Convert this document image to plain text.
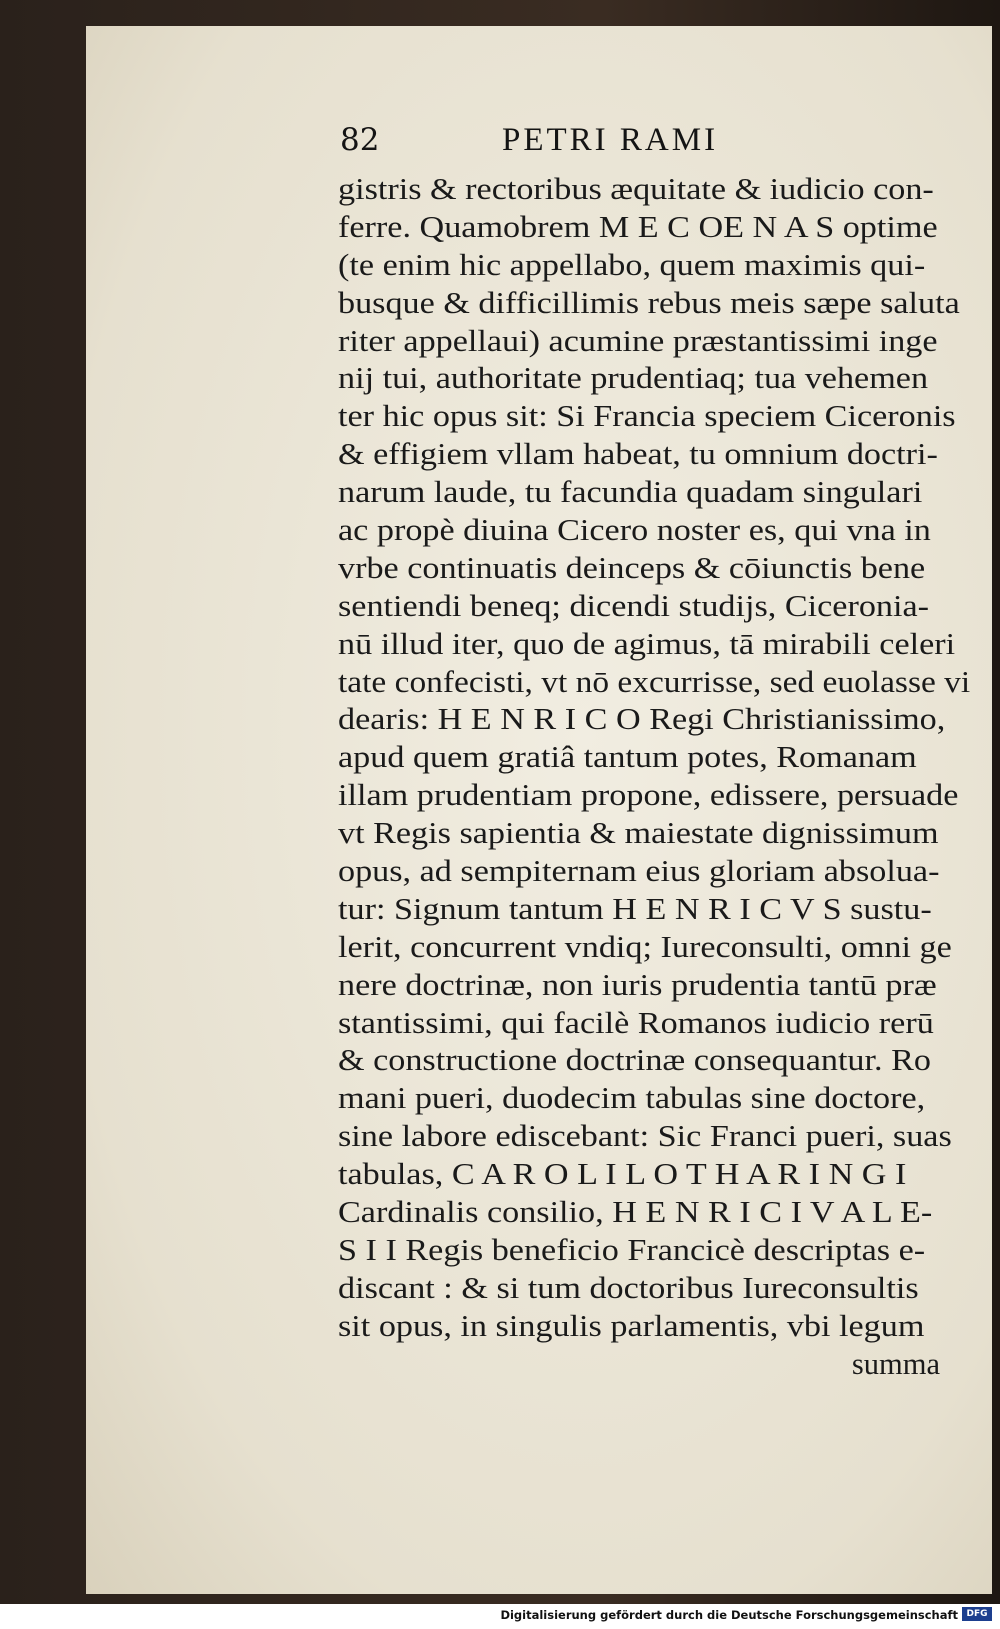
82	PETRI RAMI
gistris & rectoribus æquitate & iudicio con-
ferre. Quamobrem M E C OE N A S optime
(te enim hic appellabo, quem maximis qui-
busque & difficillimis rebus meis sæpe saluta
riter appellaui) acumine præstantissimi inge
nij tui, authoritate prudentiaq; tua vehemen
ter hic opus sit: Si Francia speciem Ciceronis
& effigiem vllam habeat, tu omnium doctri-
narum laude, tu facundia quadam singulari
ac propè diuina Cicero noster es, qui vna in
vrbe continuatis deinceps & cōiunctis bene
sentiendi beneq; dicendi studijs, Ciceronia-
nū illud iter, quo de agimus, tā mirabili celeri
tate confecisti, vt nō excurrisse, sed euolasse vi
dearis: H E N R I C O Regi Christianissimo,
apud quem gratiâ tantum potes, Romanam
illam prudentiam propone, edissere, persuade
vt Regis sapientia & maiestate dignissimum
opus, ad sempiternam eius gloriam absolua-
tur: Signum tantum H E N R I C V S sustu-
lerit, concurrent vndiq; Iureconsulti, omni ge
nere doctrinæ, non iuris prudentia tantū præ
stantissimi, qui facilè Romanos iudicio rerū
& constructione doctrinæ consequantur. Ro
mani pueri, duodecim tabulas sine doctore,
sine labore ediscebant: Sic Franci pueri, suas
tabulas, C A R O L I L O T H A R I N G I
Cardinalis consilio, H E N R I C I V A L E-
S I I Regis beneficio Francicè descriptas e-
discant : & si tum doctoribus Iureconsultis
sit opus, in singulis parlamentis, vbi legum
summa
Digitalisierung gefördert durch die Deutsche Forschungsgemeinschaft DFG
